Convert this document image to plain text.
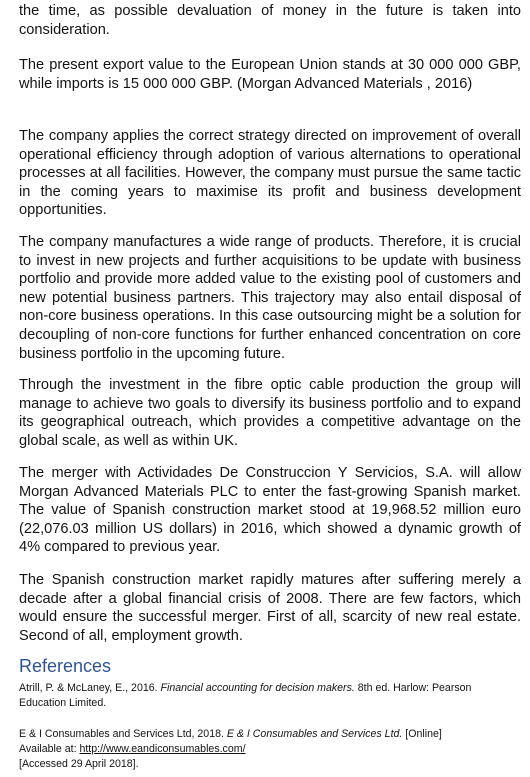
the time, as possible devaluation of money in the future is taken into consideration.

The present export value to the European Union stands at 30 000 000 GBP, while imports is 15 000 000 GBP. (Morgan Advanced Materials , 2016)

The company applies the correct strategy directed on improvement of overall operational efficiency through adoption of various alternations to operational processes at all facilities. However, the company must pursue the same tactic in the coming years to maximise its profit and business development opportunities.

The company manufactures a wide range of products. Therefore, it is crucial to invest in new projects and further acquisitions to be update with business portfolio and provide more added value to the existing pool of customers and new potential business partners. This trajectory may also entail disposal of non-core business operations. In this case outsourcing might be a solution for decoupling of non-core functions for further enhanced concentration on core business portfolio in the upcoming future.

Through the investment in the fibre optic cable production the group will manage to achieve two goals to diversify its business portfolio and to expand its geographical outreach, which provides a competitive advantage on the global scale, as well as within UK.

The merger with Actividades De Construccion Y Servicios, S.A. will allow Morgan Advanced Materials PLC to enter the fast-growing Spanish market. The value of Spanish construction market stood at 19,968.52 million euro (22,076.03 million US dollars) in 2016, which showed a dynamic growth of 4% compared to previous year.

The Spanish construction market rapidly matures after suffering merely a decade after a global financial crisis of 2008. There are few factors, which would ensure the successful merger. First of all, scarcity of new real estate. Second of all, employment growth.

References

Atrill, P. & McLaney, E., 2016. Financial accounting for decision makers. 8th ed. Harlow: Pearson Education Limited.

E & I Consumables and Services Ltd, 2018. E & I Consumables and Services Ltd. [Online]
Available at: http://www.eandiconsumables.com/
[Accessed 29 April 2018].
